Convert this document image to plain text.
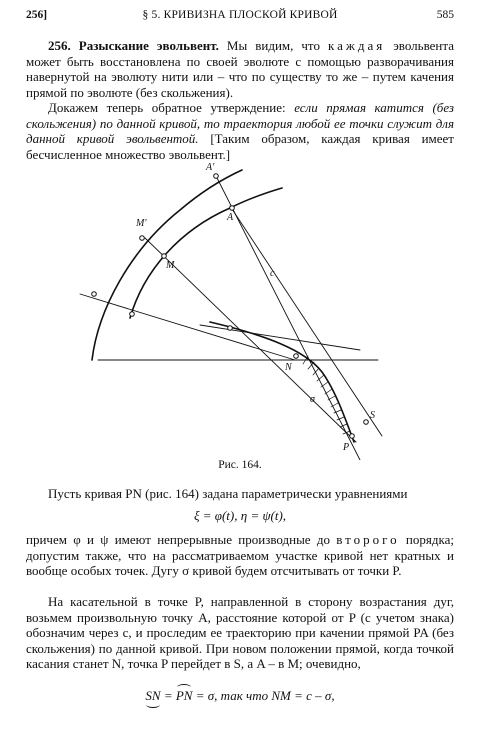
256]	§ 5. КРИВИЗНА ПЛОСКОЙ КРИВОЙ	585

256. Разыскание эвольвент. Мы видим, что каждая эвольвента может быть восстановлена по своей эволюте с помощью разворачивания навернутой на эволюту нити или – что по существу то же – путем качения прямой по эволюте (без скольжения).

Докажем теперь обратное утверждение: если прямая катится (без скольжения) по данной кривой, то траектория любой ее точки служит для данной кривой эвольвентой. [Таким образом, каждая кривая имеет бесчисленное множество эвольвент.]

A'
A
M'
M
c
N
σ
S
P
Рис. 164.

Пусть кривая PN (рис. 164) задана параметрически уравнениями

ξ = φ(t), η = ψ(t),

причем φ и ψ имеют непрерывные производные до второго порядка; допустим также, что на рассматриваемом участке кривой нет кратных и вообще особых точек. Дугу σ кривой будем отсчитывать от точки P.

На касательной в точке P, направленной в сторону возрастания дуг, возьмем произвольную точку A, расстояние которой от P (с учетом знака) обозначим через c, и проследим ее траекторию при качении прямой PA (без скольжения) по данной кривой. При новом положении прямой, когда точкой касания станет N, точка P перейдет в S, а A – в M; очевидно,

SN = PN = σ, так что NM = c – σ,
